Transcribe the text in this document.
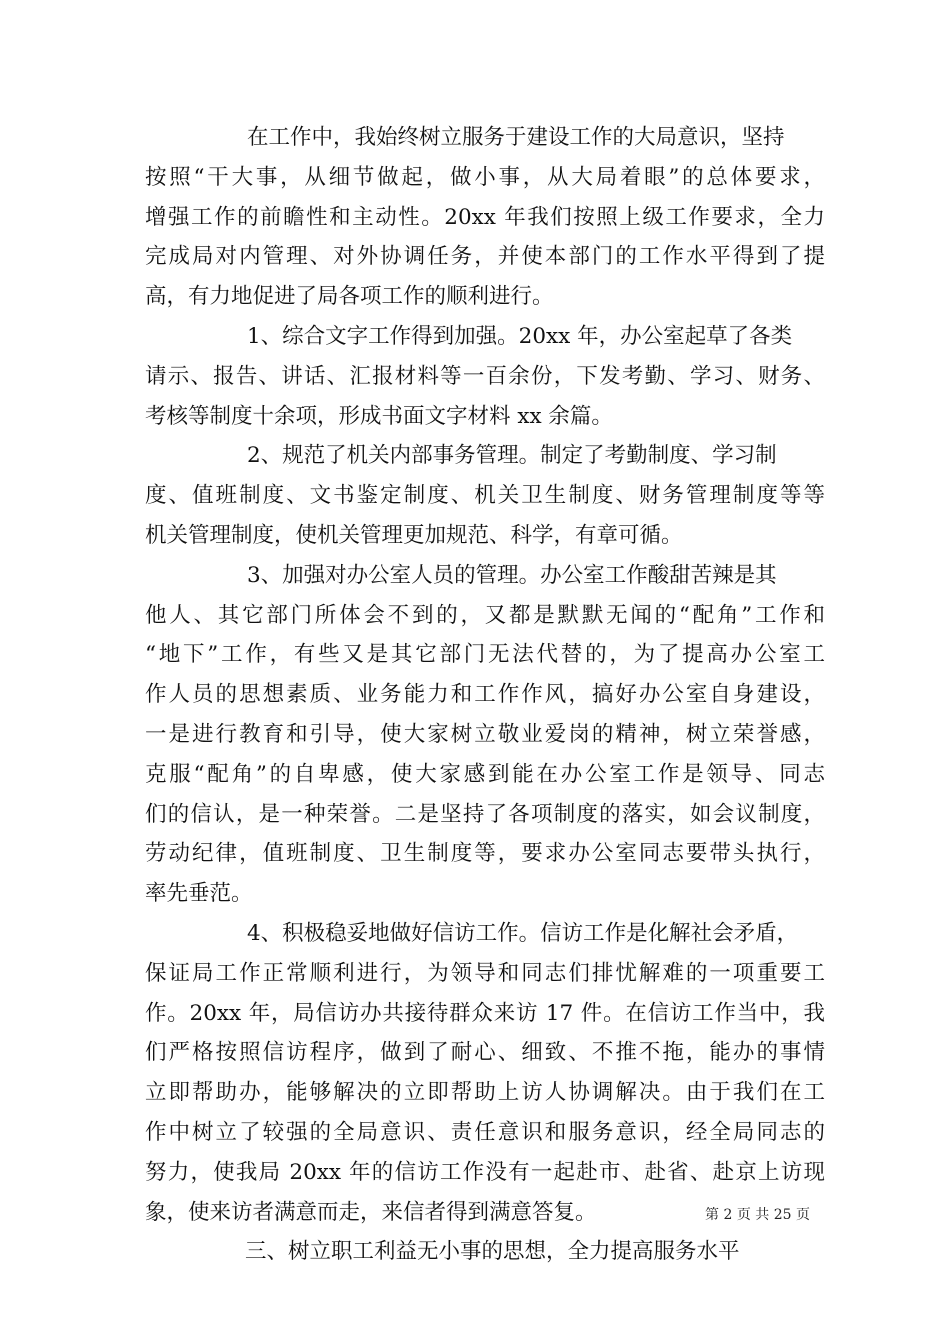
在工作中，我始终树立服务于建设工作的大局意识，坚持
按照“干大事，从细节做起，做小事，从大局着眼”的总体要求，
增强工作的前瞻性和主动性。20xx 年我们按照上级工作要求，全力
完成局对内管理、对外协调任务，并使本部门的工作水平得到了提
高，有力地促进了局各项工作的顺利进行。
1、综合文字工作得到加强。20xx 年，办公室起草了各类
请示、报告、讲话、汇报材料等一百余份，下发考勤、学习、财务、
考核等制度十余项，形成书面文字材料 xx 余篇。
2、规范了机关内部事务管理。制定了考勤制度、学习制
度、值班制度、文书鉴定制度、机关卫生制度、财务管理制度等等
机关管理制度，使机关管理更加规范、科学，有章可循。
3、加强对办公室人员的管理。办公室工作酸甜苦辣是其
他人、其它部门所体会不到的，又都是默默无闻的“配角”工作和
“地下”工作，有些又是其它部门无法代替的，为了提高办公室工
作人员的思想素质、业务能力和工作作风，搞好办公室自身建设，
一是进行教育和引导，使大家树立敬业爱岗的精神，树立荣誉感，
克服“配角”的自卑感，使大家感到能在办公室工作是领导、同志
们的信认，是一种荣誉。二是坚持了各项制度的落实，如会议制度，
劳动纪律，值班制度、卫生制度等，要求办公室同志要带头执行，
率先垂范。
4、积极稳妥地做好信访工作。信访工作是化解社会矛盾，
保证局工作正常顺利进行，为领导和同志们排忧解难的一项重要工
作。20xx 年，局信访办共接待群众来访 17 件。在信访工作当中，我
们严格按照信访程序，做到了耐心、细致、不推不拖，能办的事情
立即帮助办，能够解决的立即帮助上访人协调解决。由于我们在工
作中树立了较强的全局意识、责任意识和服务意识，经全局同志的
努力，使我局 20xx 年的信访工作没有一起赴市、赴省、赴京上访现
象，使来访者满意而走，来信者得到满意答复。
三、树立职工利益无小事的思想，全力提高服务水平
第 2 页 共 25 页
